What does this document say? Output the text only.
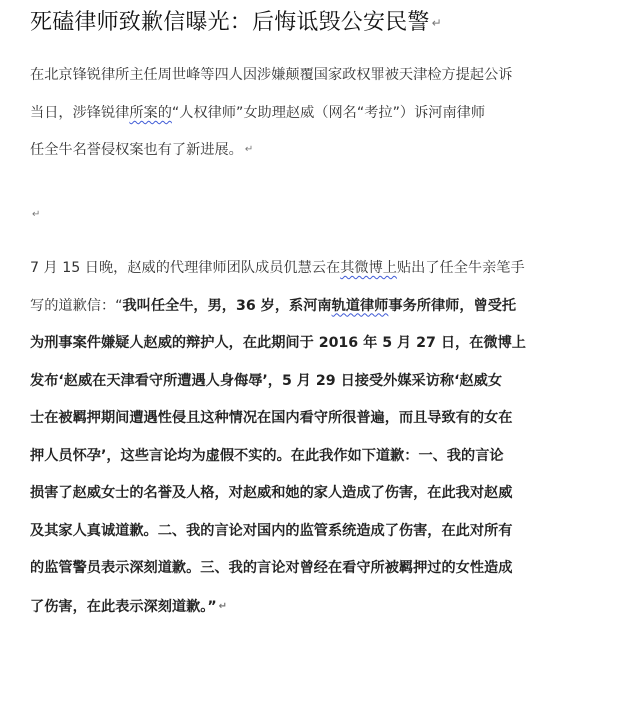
死磕律师致歉信曝光：后悔诋毁公安民警 ↵
在北京锋锐律所主任周世峰等四人因涉嫌颠覆国家政权罪被天津检方提起公诉
当日，涉锋锐律所案的“人权律师”女助理赵威（网名“考拉”）诉河南律师
任全牛名誉侵权案也有了新进展。 ↵
↵
7 月 15 日晚，赵威的代理律师团队成员仉慧云在其微博上贴出了任全牛亲笔手
写的道歉信：“我叫任全牛，男，36 岁，系河南轨道律师事务所律师，曾受托
为刑事案件嫌疑人赵威的辩护人，在此期间于 2016 年 5 月 27 日，在微博上
发布‘赵威在天津看守所遭遇人身侮辱’，5 月 29 日接受外媒采访称‘赵威女
士在被羁押期间遭遇性侵且这种情况在国内看守所很普遍，而且导致有的女在
押人员怀孕’，这些言论均为虚假不实的。在此我作如下道歉：一、我的言论
损害了赵威女士的名誉及人格，对赵威和她的家人造成了伤害，在此我对赵威
及其家人真诚道歉。二、我的言论对国内的监管系统造成了伤害，在此对所有
的监管警员表示深刻道歉。三、我的言论对曾经在看守所被羁押过的女性造成
了伤害，在此表示深刻道歉。” ↵
